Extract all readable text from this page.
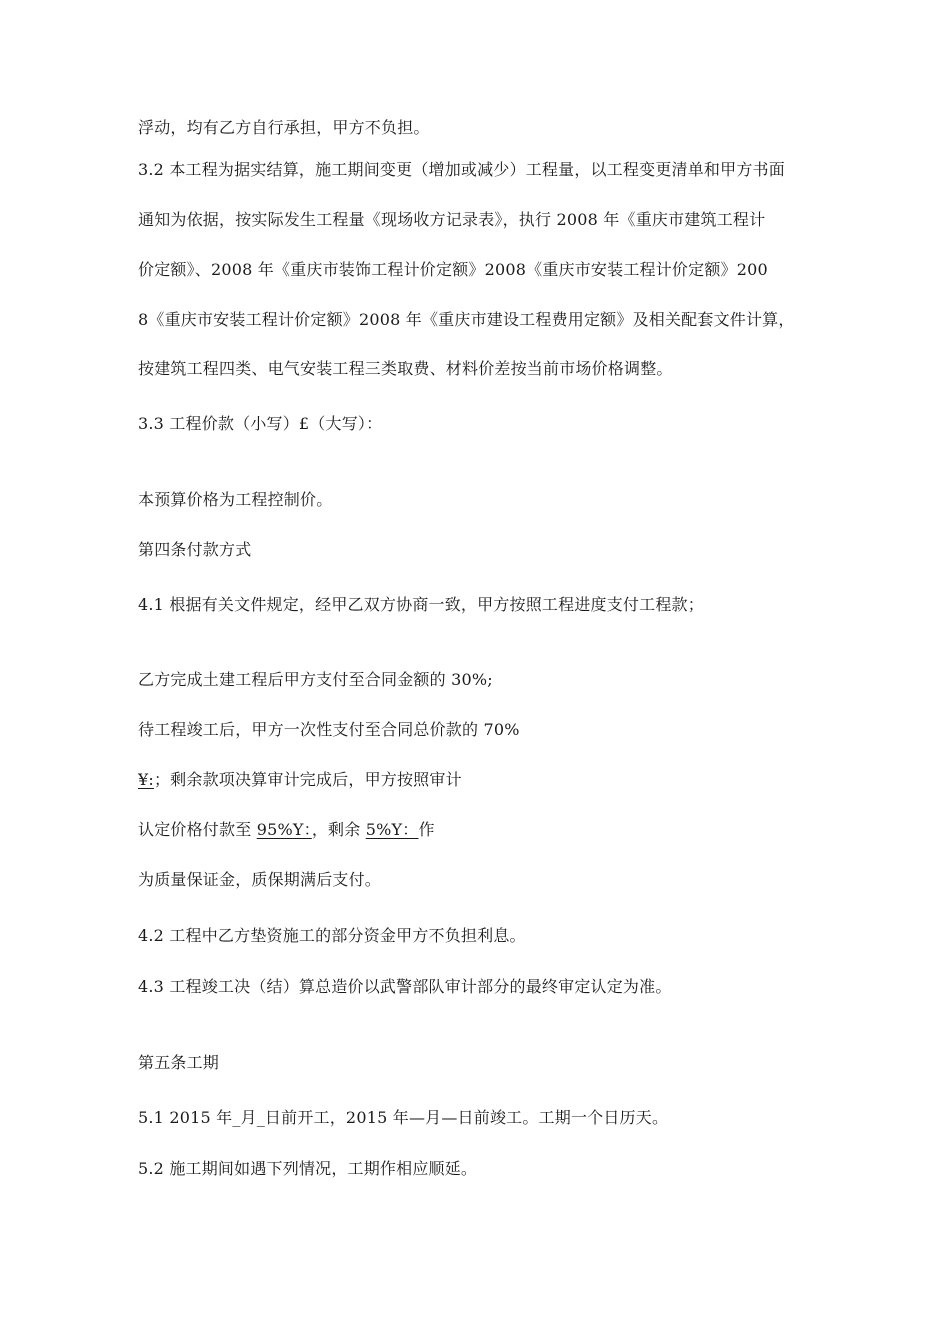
浮动，均有乙方自行承担，甲方不负担。
3.2 本工程为据实结算，施工期间变更（增加或减少）工程量，以工程变更清单和甲方书面
通知为依据，按实际发生工程量《现场收方记录表》，执行 2008 年《重庆市建筑工程计
价定额》、2008 年《重庆市装饰工程计价定额》2008《重庆市安装工程计价定额》200
8《重庆市安装工程计价定额》2008 年《重庆市建设工程费用定额》及相关配套文件计算，
按建筑工程四类、电气安装工程三类取费、材料价差按当前市场价格调整。
3.3 工程价款（小写）£（大写）：
本预算价格为工程控制价。
第四条付款方式
4.1 根据有关文件规定，经甲乙双方协商一致，甲方按照工程进度支付工程款；
乙方完成土建工程后甲方支付至合同金额的 30%;
待工程竣工后，甲方一次性支付至合同总价款的 70%
¥:；剩余款项决算审计完成后，甲方按照审计
认定价格付款至 95%Y：，剩余 5%Y：作
为质量保证金，质保期满后支付。
4.2 工程中乙方垫资施工的部分资金甲方不负担利息。
4.3 工程竣工决（结）算总造价以武警部队审计部分的最终审定认定为准。
第五条工期
5.1 2015 年_月_日前开工，2015 年—月—日前竣工。工期一个日历天。
5.2 施工期间如遇下列情况，工期作相应顺延。
